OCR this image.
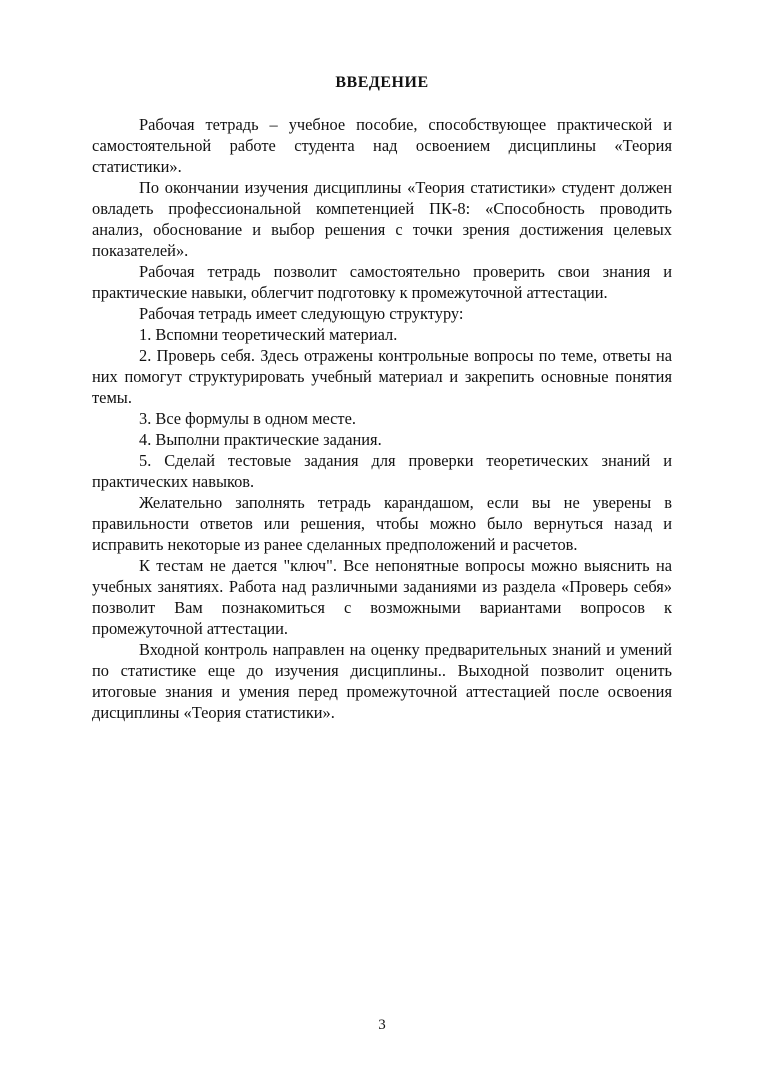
ВВЕДЕНИЕ

Рабочая тетрадь – учебное пособие, способствующее практической и самостоятельной работе студента над освоением дисциплины «Теория статистики».

По окончании изучения дисциплины «Теория статистики» студент должен овладеть профессиональной компетенцией ПК-8: «Способность проводить анализ, обоснование и выбор решения с точки зрения достижения целевых показателей».

Рабочая тетрадь позволит самостоятельно проверить свои знания и практические навыки, облегчит подготовку к промежуточной аттестации.

Рабочая тетрадь имеет следующую структуру:

1. Вспомни теоретический материал.

2. Проверь себя. Здесь отражены контрольные вопросы по теме, ответы на них помогут структурировать учебный материал и закрепить основные понятия темы.

3. Все формулы в одном месте.

4. Выполни практические задания.

5. Сделай тестовые задания для проверки теоретических знаний и практических навыков.

Желательно заполнять тетрадь карандашом, если вы не уверены в правильности ответов или решения, чтобы можно было вернуться назад и исправить некоторые из ранее сделанных предположений и расчетов.

К тестам не дается "ключ". Все непонятные вопросы можно выяснить на учебных занятиях. Работа над различными заданиями из раздела «Проверь себя» позволит Вам познакомиться с возможными вариантами вопросов к промежуточной аттестации.

Входной контроль направлен на оценку предварительных знаний и умений по статистике еще до изучения дисциплины.. Выходной позволит оценить итоговые знания и умения перед промежуточной аттестацией после освоения дисциплины «Теория статистики».

3
